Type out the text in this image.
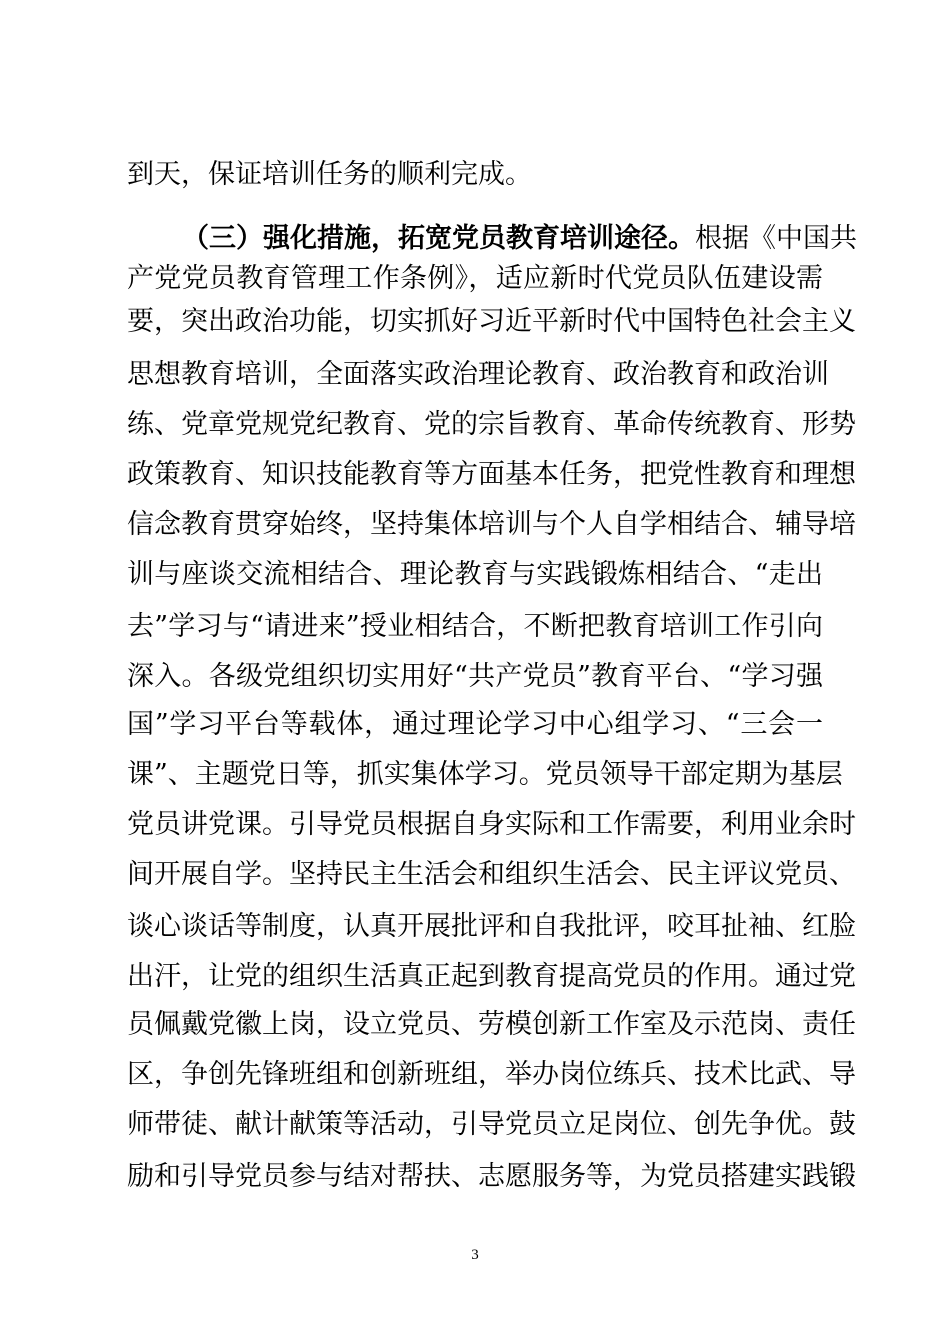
到天，保证培训任务的顺利完成。
（三）强化措施，拓宽党员教育培训途径。根据《中国共
产党党员教育管理工作条例》，适应新时代党员队伍建设需
要，突出政治功能，切实抓好习近平新时代中国特色社会主义
思想教育培训，全面落实政治理论教育、政治教育和政治训
练、党章党规党纪教育、党的宗旨教育、革命传统教育、形势
政策教育、知识技能教育等方面基本任务，把党性教育和理想
信念教育贯穿始终，坚持集体培训与个人自学相结合、辅导培
训与座谈交流相结合、理论教育与实践锻炼相结合、“走出
去”学习与“请进来”授业相结合，不断把教育培训工作引向
深入。各级党组织切实用好“共产党员”教育平台、“学习强
国”学习平台等载体，通过理论学习中心组学习、“三会一
课”、主题党日等，抓实集体学习。党员领导干部定期为基层
党员讲党课。引导党员根据自身实际和工作需要，利用业余时
间开展自学。坚持民主生活会和组织生活会、民主评议党员、
谈心谈话等制度，认真开展批评和自我批评，咬耳扯袖、红脸
出汗，让党的组织生活真正起到教育提高党员的作用。通过党
员佩戴党徽上岗，设立党员、劳模创新工作室及示范岗、责任
区，争创先锋班组和创新班组，举办岗位练兵、技术比武、导
师带徒、献计献策等活动，引导党员立足岗位、创先争优。鼓
励和引导党员参与结对帮扶、志愿服务等，为党员搭建实践锻
3
